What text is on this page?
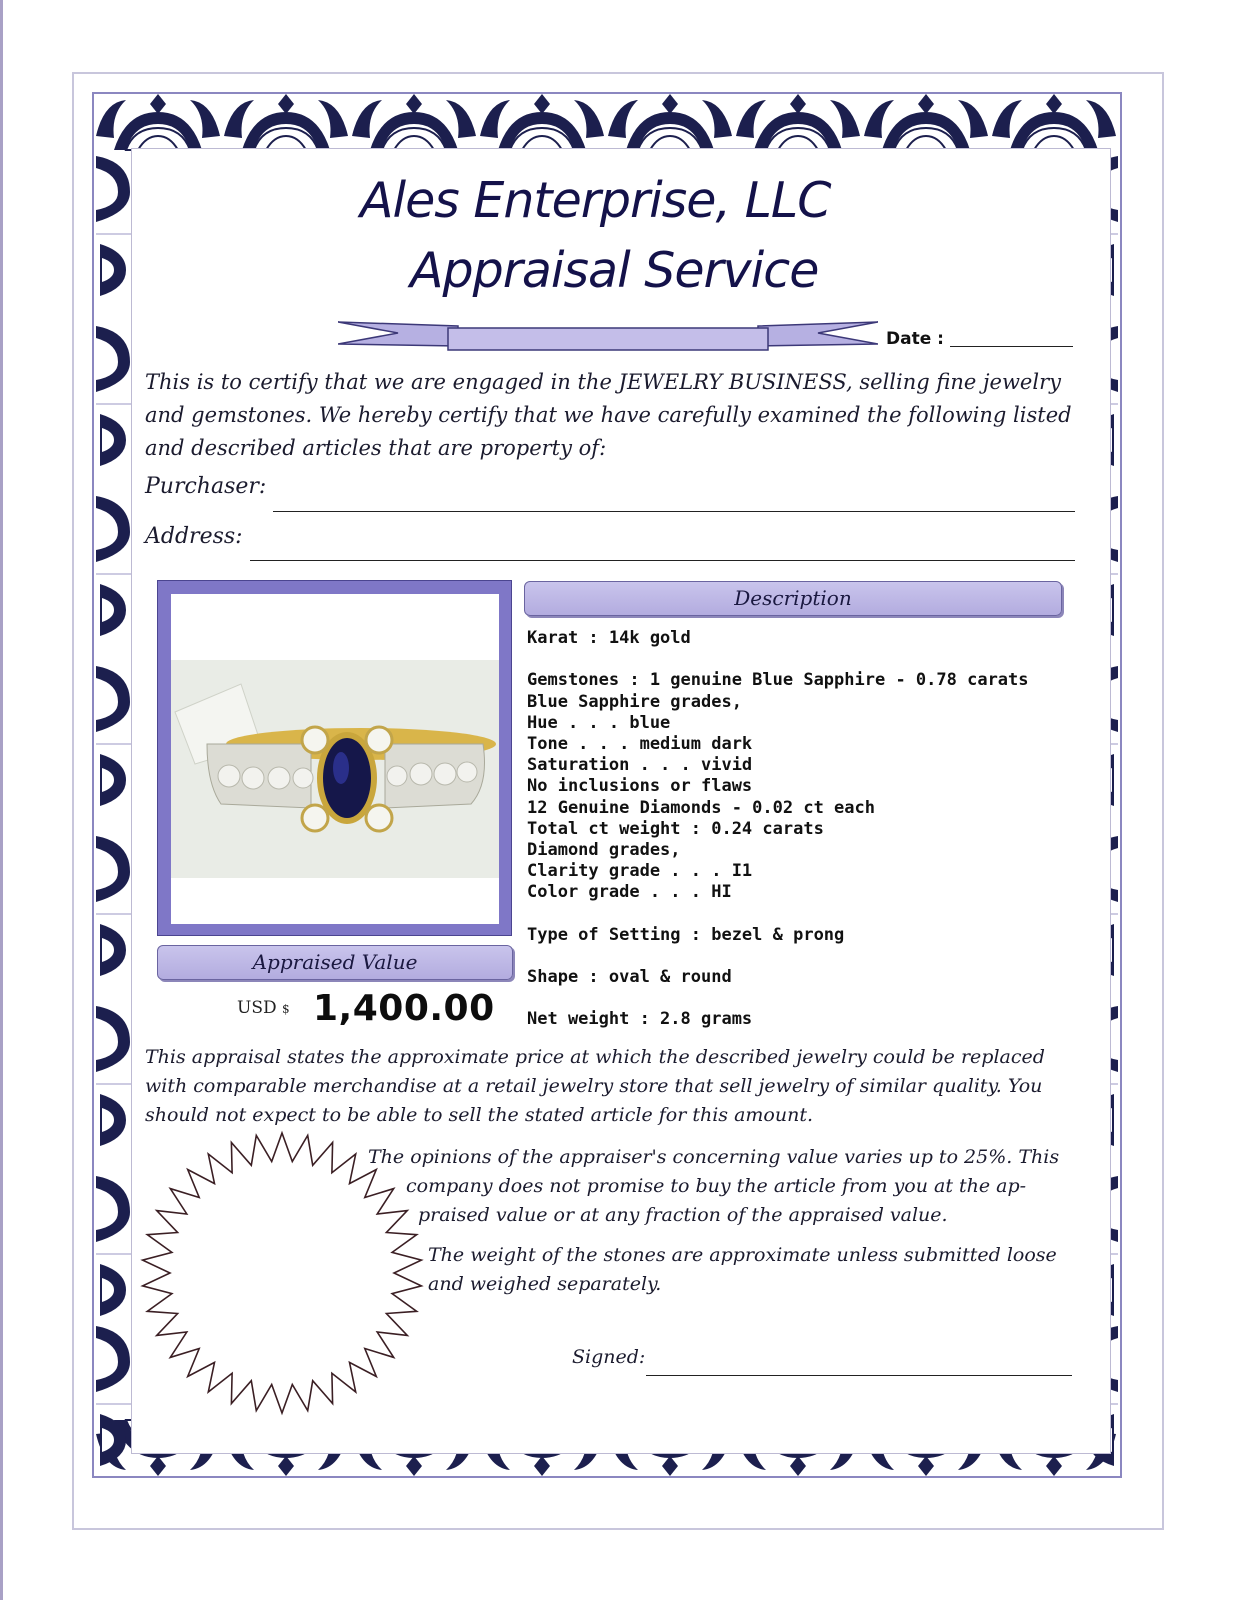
Ales Enterprise, LLC
Appraisal Service
Date :
This is to certify that we are engaged in the JEWELRY BUSINESS, selling fine jewelry
and gemstones. We hereby certify that we have carefully examined the following listed
and described articles that are property of:
Purchaser:
Address:
Description
Karat : 14k gold
Gemstones : 1 genuine Blue Sapphire - 0.78 carats
Blue Sapphire grades,
Hue . . . blue
Tone . . . medium dark
Saturation . . . vivid
No inclusions or flaws
12 Genuine Diamonds - 0.02 ct each
Total ct weight : 0.24 carats
Diamond grades,
Clarity grade . . . I1
Color grade . . . HI
Type of Setting : bezel & prong
Shape : oval & round
Net weight : 2.8 grams
Appraised Value
USD $ 1,400.00
This appraisal states the approximate price at which the described jewelry could be replaced
with comparable merchandise at a retail jewelry store that sell jewelry of similar quality. You
should not expect to be able to sell the stated article for this amount.
The opinions of the appraiser's concerning value varies up to 25%. This
company does not promise to buy the article from you at the ap-
praised value or at any fraction of the appraised value.
The weight of the stones are approximate unless submitted loose
and weighed separately.
Signed:
